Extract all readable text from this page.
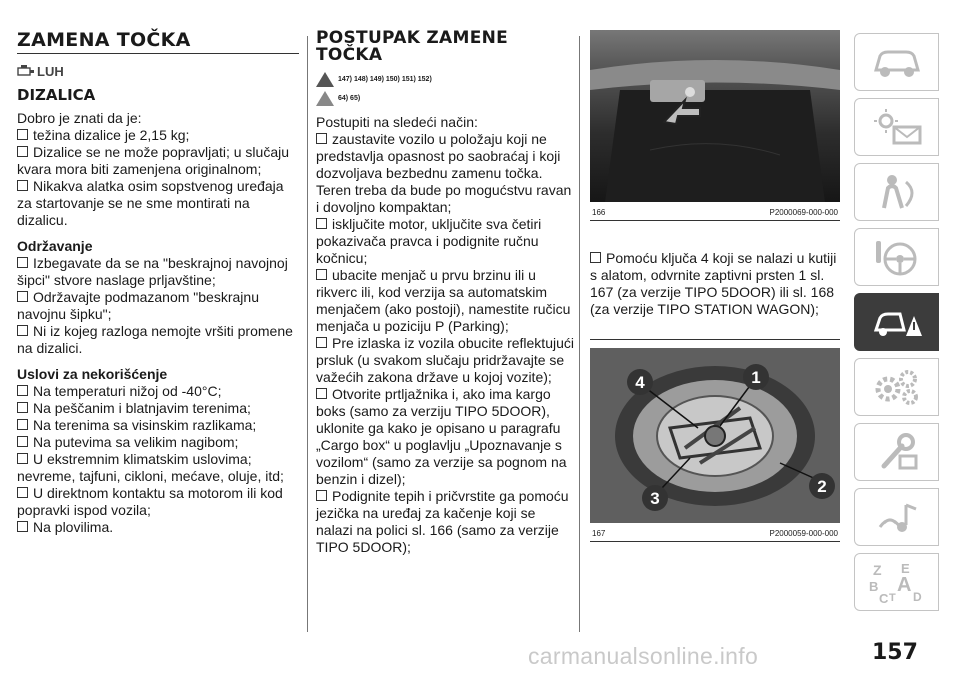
ZAMENA TOČKA
LUH
DIZALICA
Dobro je znati da je:
težina dizalice je 2,15 kg;
Dizalice se ne može popravljati; u slučaju kvara mora biti zamenjena originalnom;
Nikakva alatka osim sopstvenog uređaja za startovanje se ne sme montirati na dizalicu.
Održavanje
Izbegavate da se na "beskrajnoj navojnoj šipci" stvore naslage prljavštine;
Održavajte podmazanom "beskrajnu navojnu šipku";
Ni iz kojeg razloga nemojte vršiti promene na dizalici.
Uslovi za nekorišćenje
Na temperaturi nižoj od -40°C;
Na peščanim i blatnjavim terenima;
Na terenima sa visinskim razlikama;
Na putevima sa velikim nagibom;
U ekstremnim klimatskim uslovima; nevreme, tajfuni, cikloni, mećave, oluje, itd;
U direktnom kontaktu sa motorom ili kod popravki ispod vozila;
Na plovilima.
POSTUPAK ZAMENE TOČKA
147) 148) 149) 150) 151) 152)
64) 65)
Postupiti na sledeći način:
zaustavite vozilo u položaju koji ne predstavlja opasnost po saobraćaj i koji dozvoljava bezbednu zamenu točka. Teren treba da bude po mogućstvu ravan i dovoljno kompaktan;
isključite motor, uključite sva četiri pokazivača pravca i podignite ručnu kočnicu;
ubacite menjač u prvu brzinu ili u rikverc ili, kod verzija sa automatskim menjačem (ako postoji), namestite ručicu menjača u poziciju P (Parking);
Pre izlaska iz vozila obucite reflektujući prsluk (u svakom slučaju pridržavajte se važećih zakona države u kojoj vozite);
Otvorite prtljažnika i, ako ima kargo boks (samo za verziju TIPO 5DOOR), uklonite ga kako je opisano u paragrafu „Cargo box“ u poglavlju „Upoznavanje s vozilom“ (samo za verzije sa pognom na benzin i dizel);
Podignite tepih i pričvrstite ga pomoću jezička na uređaj za kačenje koji se nalazi na polici sl. 166 (samo za verzije TIPO 5DOOR);
166	P2000069-000-000
Pomoću ključa 4 koji se nalazi u kutiji s alatom, odvrnite zaptivni prsten 1 sl. 167 (za verzije TIPO 5DOOR) ili sl. 168 (za verzije TIPO STATION WAGON);
4	1
3
2
167	P2000059-000-000
Z E
B A
C T D
157
carmanualsonline.info
